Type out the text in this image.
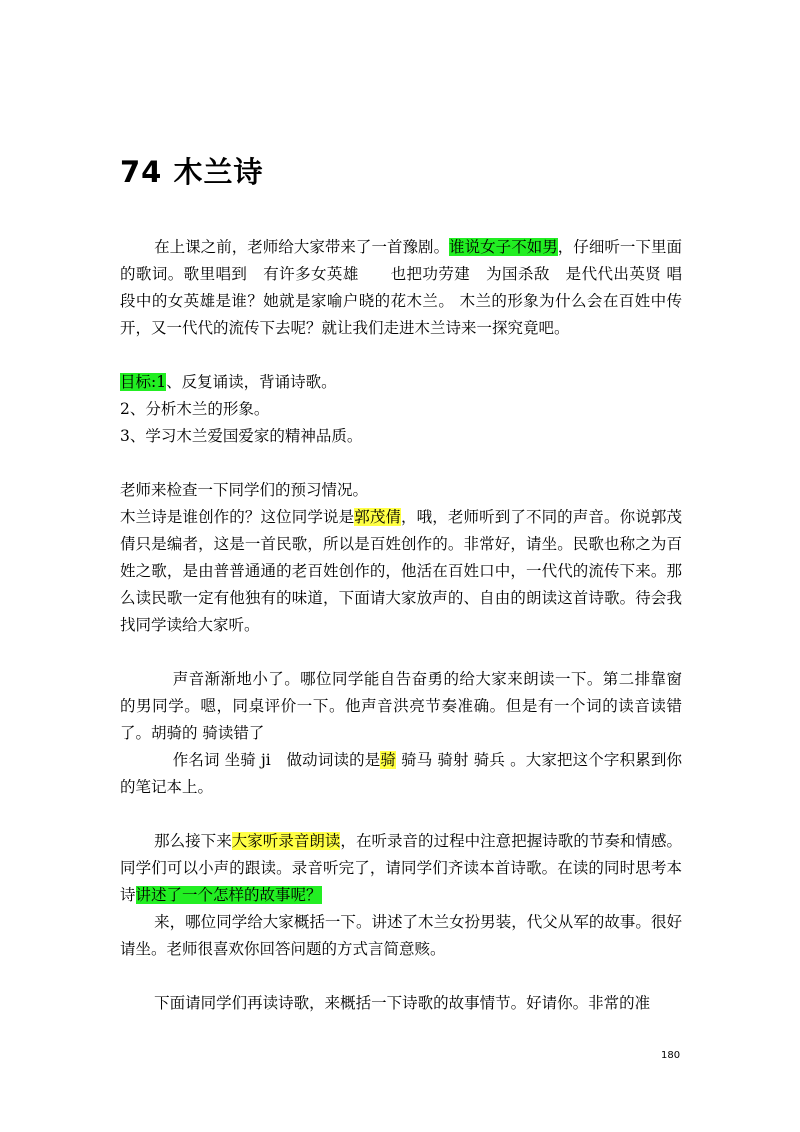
74 木兰诗

在上课之前，老师给大家带来了一首豫剧。谁说女子不如男，仔细听一下里面的歌词。歌里唱到　有许多女英雄　　也把功劳建　为国杀敌　是代代出英贤 唱段中的女英雄是谁？她就是家喻户晓的花木兰。 木兰的形象为什么会在百姓中传开，又一代代的流传下去呢？就让我们走进木兰诗来一探究竟吧。

目标:1、反复诵读，背诵诗歌。

2、分析木兰的形象。

3、学习木兰爱国爱家的精神品质。

老师来检查一下同学们的预习情况。

木兰诗是谁创作的？这位同学说是郭茂倩，哦，老师听到了不同的声音。你说郭茂倩只是编者，这是一首民歌，所以是百姓创作的。非常好，请坐。民歌也称之为百姓之歌，是由普普通通的老百姓创作的，他活在百姓口中，一代代的流传下来。那么读民歌一定有他独有的味道，下面请大家放声的、自由的朗读这首诗歌。待会我找同学读给大家听。

声音渐渐地小了。哪位同学能自告奋勇的给大家来朗读一下。第二排靠窗的男同学。嗯，同桌评价一下。他声音洪亮节奏准确。但是有一个词的读音读错了。胡骑的 骑读错了

作名词 坐骑 ji　做动词读的是骑 骑马 骑射 骑兵 。大家把这个字积累到你的笔记本上。

那么接下来大家听录音朗读，在听录音的过程中注意把握诗歌的节奏和情感。同学们可以小声的跟读。录音听完了，请同学们齐读本首诗歌。在读的同时思考本诗讲述了一个怎样的故事呢？

来，哪位同学给大家概括一下。讲述了木兰女扮男装，代父从军的故事。很好请坐。老师很喜欢你回答问题的方式言简意赅。

下面请同学们再读诗歌，来概括一下诗歌的故事情节。好请你。非常的准

180
